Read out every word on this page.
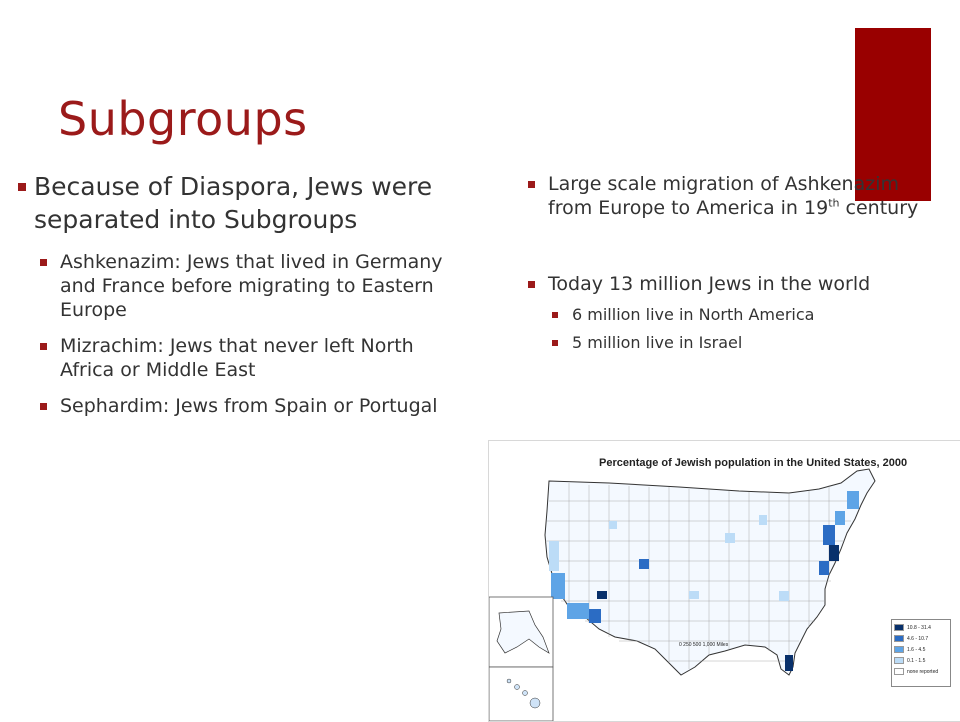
Subgroups

Because of Diaspora, Jews were separated into Subgroups

Ashkenazim: Jews that lived in Germany and France before migrating to Eastern Europe

Mizrachim: Jews that never left North Africa or Middle East

Sephardim: Jews from Spain or Portugal

Large scale migration of Ashkenazim from Europe to America in 19th century

Today 13 million Jews in the world

6 million live in North America

5 million live in Israel

Percentage of Jewish population in the United States, 2000
0 250 500 1,000 Miles
10.8 - 31.4
4.6 - 10.7
1.6 - 4.5
0.1 - 1.5
none reported
